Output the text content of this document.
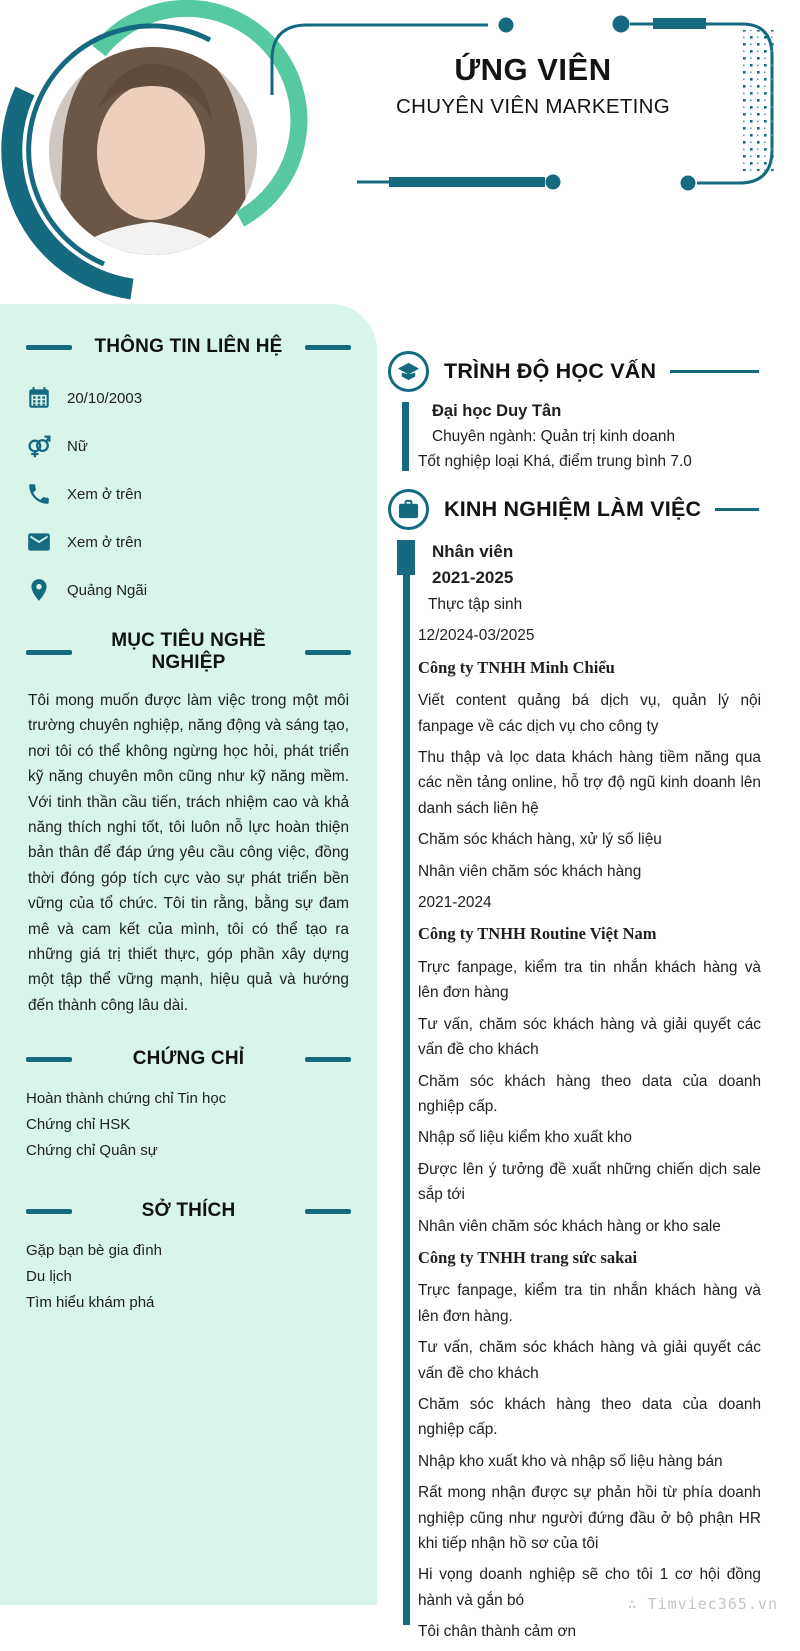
ỨNG VIÊN
CHUYÊN VIÊN MARKETING
THÔNG TIN LIÊN HỆ
20/10/2003
Nữ
Xem ở trên
Xem ở trên
Quảng Ngãi
MỤC TIÊU NGHỀ NGHIỆP

Tôi mong muốn được làm việc trong một môi trường chuyên nghiệp, năng động và sáng tạo, nơi tôi có thể không ngừng học hỏi, phát triển kỹ năng chuyên môn cũng như kỹ năng mềm. Với tinh thần cầu tiến, trách nhiệm cao và khả năng thích nghi tốt, tôi luôn nỗ lực hoàn thiện bản thân để đáp ứng yêu cầu công việc, đồng thời đóng góp tích cực vào sự phát triển bền vững của tổ chức. Tôi tin rằng, bằng sự đam mê và cam kết của mình, tôi có thể tạo ra những giá trị thiết thực, góp phần xây dựng một tập thể vững mạnh, hiệu quả và hướng đến thành công lâu dài.

CHỨNG CHỈ
Hoàn thành chứng chỉ Tin học
Chứng chỉ HSK
Chứng chỉ Quân sự
SỞ THÍCH
Gặp bạn bè gia đình
Du lịch
Tìm hiểu khám phá
TRÌNH ĐỘ HỌC VẤN

Đại học Duy Tân

Chuyên ngành: Quản trị kinh doanh

Tốt nghiệp loại Khá, điểm trung bình 7.0

KINH NGHIỆM LÀM VIỆC

Nhân viên

2021-2025

Thực tập sinh

12/2024-03/2025

Công ty TNHH Minh Chiểu

Viết content quảng bá dịch vụ, quản lý nội fanpage về các dịch vụ cho công ty

Thu thập và lọc data khách hàng tiềm năng qua các nền tảng online, hỗ trợ độ ngũ kinh doanh lên danh sách liên hệ

Chăm sóc khách hàng, xử lý số liệu

Nhân viên chăm sóc khách hàng

2021-2024

Công ty TNHH Routine Việt Nam

Trực fanpage, kiểm tra tin nhắn khách hàng và lên đơn hàng

Tư vấn, chăm sóc khách hàng và giải quyết các vấn đề cho khách

Chăm sóc khách hàng theo data của doanh nghiệp cấp.

Nhập số liệu kiểm kho xuất kho

Được lên ý tưởng đề xuất những chiến dịch sale sắp tới

Nhân viên chăm sóc khách hàng or kho sale

Công ty TNHH trang sức sakai

Trực fanpage, kiểm tra tin nhắn khách hàng và lên đơn hàng.

Tư vấn, chăm sóc khách hàng và giải quyết các vấn đề cho khách

Chăm sóc khách hàng theo data của doanh nghiệp cấp.

Nhập kho xuất kho và nhập số liệu hàng bán

Rất mong nhận được sự phản hồi từ phía doanh nghiệp cũng như người đứng đầu ở bộ phận HR khi tiếp nhận hồ sơ của tôi

Hi vọng doanh nghiệp sẽ cho tôi 1 cơ hội đồng hành và gắn bó

Tôi chân thành cảm ơn

∴ Timviec365.vn
